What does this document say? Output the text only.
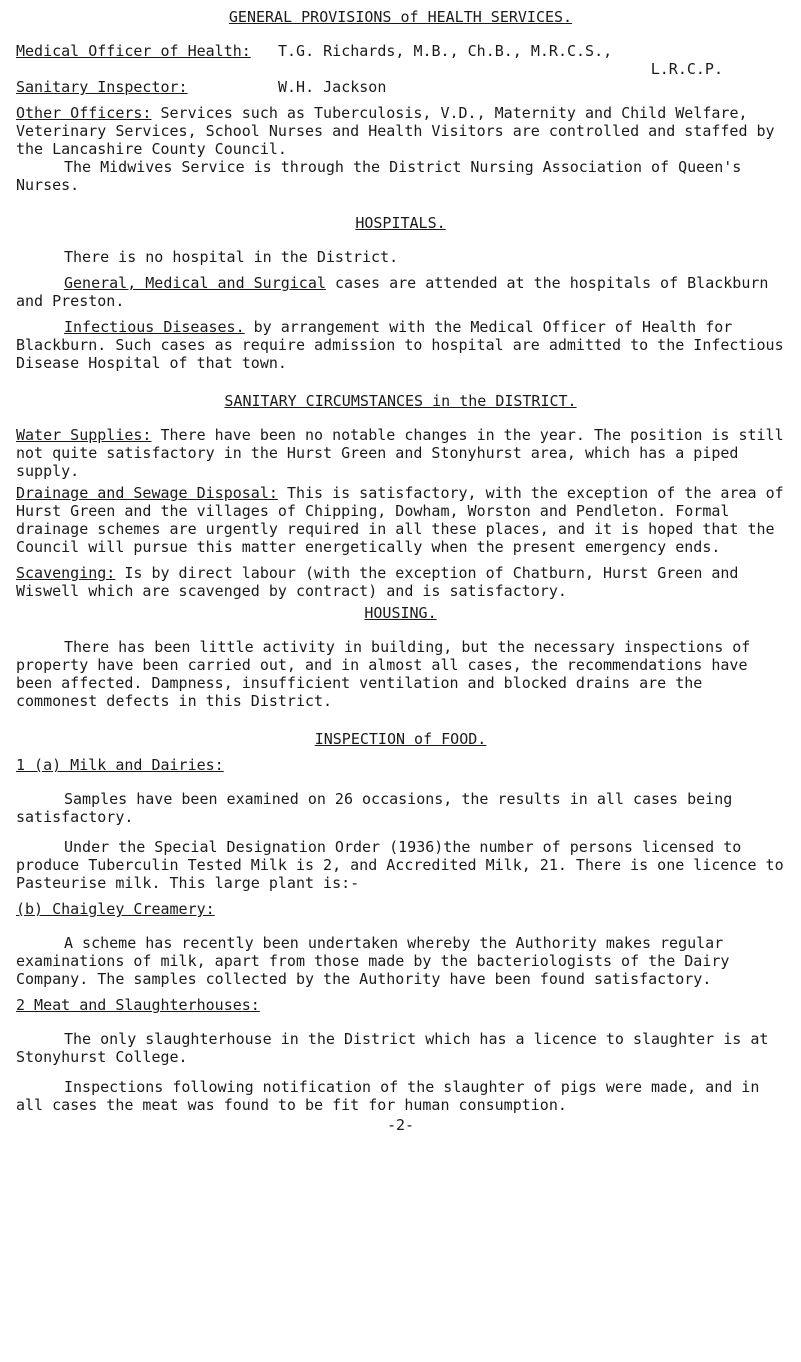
GENERAL PROVISIONS of HEALTH SERVICES.

Medical Officer of Health:	T.G. Richards, M.B., Ch.B., M.R.C.S.,

L.R.C.P.

Sanitary Inspector:	W.H. Jackson

Other Officers: Services such as Tuberculosis, V.D., Maternity and Child Welfare, Veterinary Services, School Nurses and Health Visitors are controlled and staffed by the Lancashire County Council.

The Midwives Service is through the District Nursing Association of Queen's Nurses.

HOSPITALS.

There is no hospital in the District.

General, Medical and Surgical cases are attended at the hospitals of Blackburn and Preston.

Infectious Diseases. by arrangement with the Medical Officer of Health for Blackburn. Such cases as require admission to hospital are admitted to the Infectious Disease Hospital of that town.

SANITARY CIRCUMSTANCES in the DISTRICT.

Water Supplies: There have been no notable changes in the year. The position is still not quite satisfactory in the Hurst Green and Stonyhurst area, which has a piped supply.

Drainage and Sewage Disposal: This is satisfactory, with the exception of the area of Hurst Green and the villages of Chipping, Dowham, Worston and Pendleton. Formal drainage schemes are urgently required in all these places, and it is hoped that the Council will pursue this matter energetically when the present emergency ends.

Scavenging: Is by direct labour (with the exception of Chatburn, Hurst Green and Wiswell which are scavenged by contract) and is satisfactory.

HOUSING.

There has been little activity in building, but the necessary inspections of property have been carried out, and in almost all cases, the recommendations have been affected. Dampness, insufficient ventilation and blocked drains are the commonest defects in this District.

INSPECTION of FOOD.

1 (a) Milk and Dairies:

Samples have been examined on 26 occasions, the results in all cases being satisfactory.

Under the Special Designation Order (1936)the number of persons licensed to produce Tuberculin Tested Milk is 2, and Accredited Milk, 21. There is one licence to Pasteurise milk. This large plant is:-

(b) Chaigley Creamery:

A scheme has recently been undertaken whereby the Authority makes regular examinations of milk, apart from those made by the bacteriologists of the Dairy Company. The samples collected by the Authority have been found satisfactory.

2 Meat and Slaughterhouses:

The only slaughterhouse in the District which has a licence to slaughter is at Stonyhurst College.

Inspections following notification of the slaughter of pigs were made, and in all cases the meat was found to be fit for human consumption.

-2-
